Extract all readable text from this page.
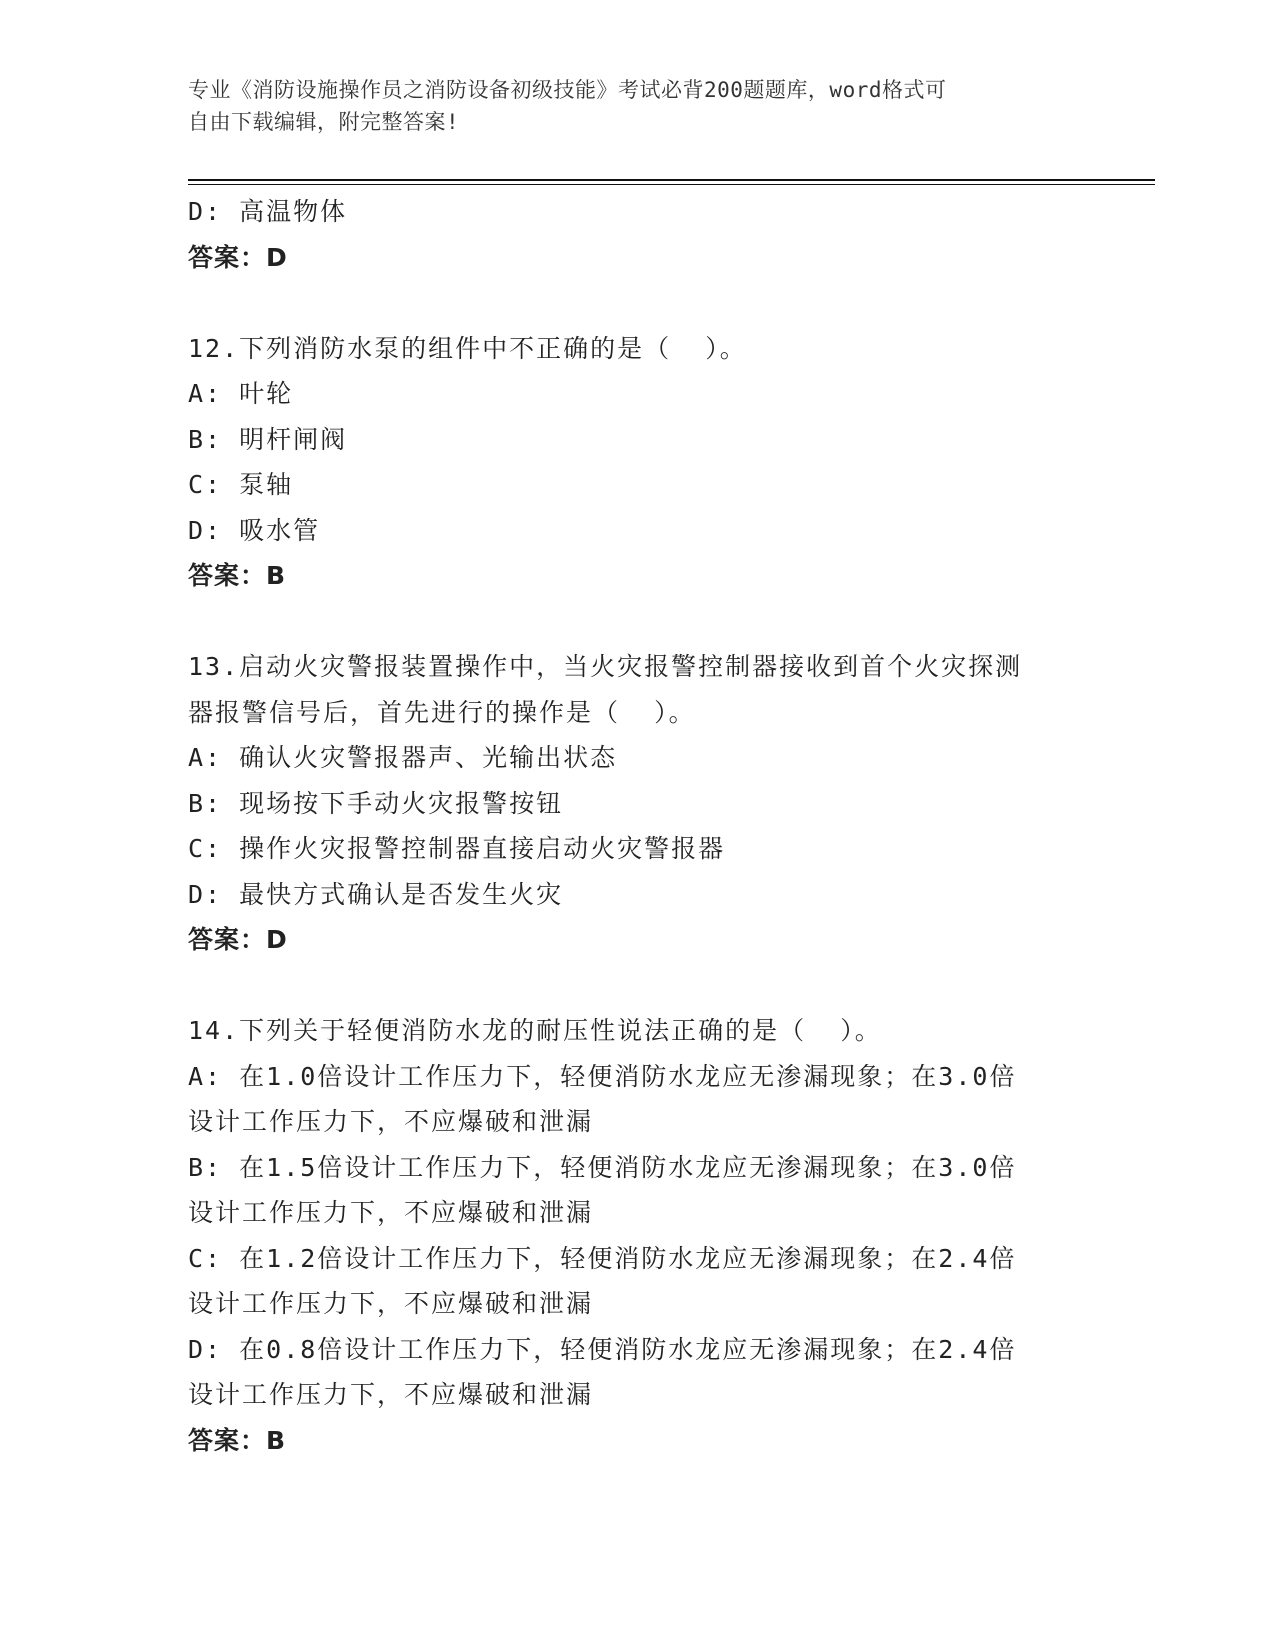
专业《消防设施操作员之消防设备初级技能》考试必背200题题库，word格式可
自由下载编辑，附完整答案!
D: 高温物体
答案：D
12.下列消防水泵的组件中不正确的是（  ）。
A: 叶轮
B: 明杆闸阀
C: 泵轴
D: 吸水管
答案：B
13.启动火灾警报装置操作中，当火灾报警控制器接收到首个火灾探测
器报警信号后，首先进行的操作是（  ）。
A: 确认火灾警报器声、光输出状态
B: 现场按下手动火灾报警按钮
C: 操作火灾报警控制器直接启动火灾警报器
D: 最快方式确认是否发生火灾
答案：D
14.下列关于轻便消防水龙的耐压性说法正确的是（  ）。
A: 在1.0倍设计工作压力下，轻便消防水龙应无渗漏现象；在3.0倍
设计工作压力下，不应爆破和泄漏
B: 在1.5倍设计工作压力下，轻便消防水龙应无渗漏现象；在3.0倍
设计工作压力下，不应爆破和泄漏
C: 在1.2倍设计工作压力下，轻便消防水龙应无渗漏现象；在2.4倍
设计工作压力下，不应爆破和泄漏
D: 在0.8倍设计工作压力下，轻便消防水龙应无渗漏现象；在2.4倍
设计工作压力下，不应爆破和泄漏
答案：B
